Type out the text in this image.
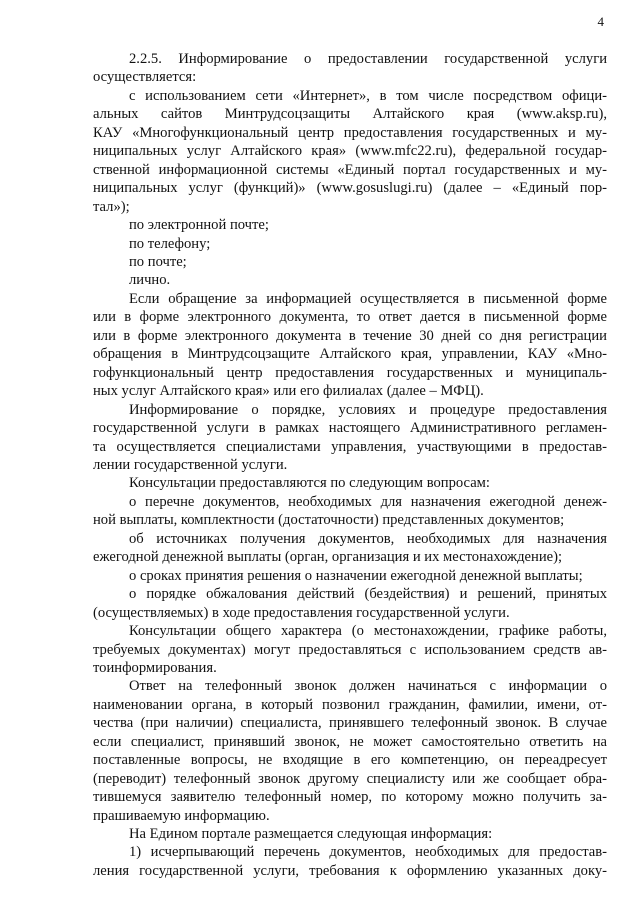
4

2.2.5. Информирование о предоставлении государственной услуги
осуществляется:

с использованием сети «Интернет», в том числе посредством офици-
альных сайтов Минтрудсоцзащиты Алтайского края (www.aksp.ru),
КАУ «Многофункциональный центр предоставления государственных и му-
ниципальных услуг Алтайского края» (www.mfc22.ru), федеральной государ-
ственной информационной системы «Единый портал государственных и му-
ниципальных услуг (функций)» (www.gosuslugi.ru) (далее – «Единый пор-
тал»);

по электронной почте;

по телефону;

по почте;

лично.

Если обращение за информацией осуществляется в письменной форме
или в форме электронного документа, то ответ дается в письменной форме
или в форме электронного документа в течение 30 дней со дня регистрации
обращения в Минтрудсоцзащите Алтайского края, управлении, КАУ «Мно-
гофункциональный центр предоставления государственных и муниципаль-
ных услуг Алтайского края» или его филиалах (далее – МФЦ).

Информирование о порядке, условиях и процедуре предоставления
государственной услуги в рамках настоящего Административного регламен-
та осуществляется специалистами управления, участвующими в предостав-
лении государственной услуги.

Консультации предоставляются по следующим вопросам:

о перечне документов, необходимых для назначения ежегодной денеж-
ной выплаты, комплектности (достаточности) представленных документов;

об источниках получения документов, необходимых для назначения
ежегодной денежной выплаты (орган, организация и их местонахождение);

о сроках принятия решения о назначении ежегодной денежной выплаты;

о порядке обжалования действий (бездействия) и решений, принятых
(осуществляемых) в ходе предоставления государственной услуги.

Консультации общего характера (о местонахождении, графике работы,
требуемых документах) могут предоставляться с использованием средств ав-
тоинформирования.

Ответ на телефонный звонок должен начинаться с информации о
наименовании органа, в который позвонил гражданин, фамилии, имени, от-
чества (при наличии) специалиста, принявшего телефонный звонок. В случае
если специалист, принявший звонок, не может самостоятельно ответить на
поставленные вопросы, не входящие в его компетенцию, он переадресует
(переводит) телефонный звонок другому специалисту или же сообщает обра-
тившемуся заявителю телефонный номер, по которому можно получить за-
прашиваемую информацию.

На Едином портале размещается следующая информация:

1) исчерпывающий перечень документов, необходимых для предостав-
ления государственной услуги, требования к оформлению указанных доку-
